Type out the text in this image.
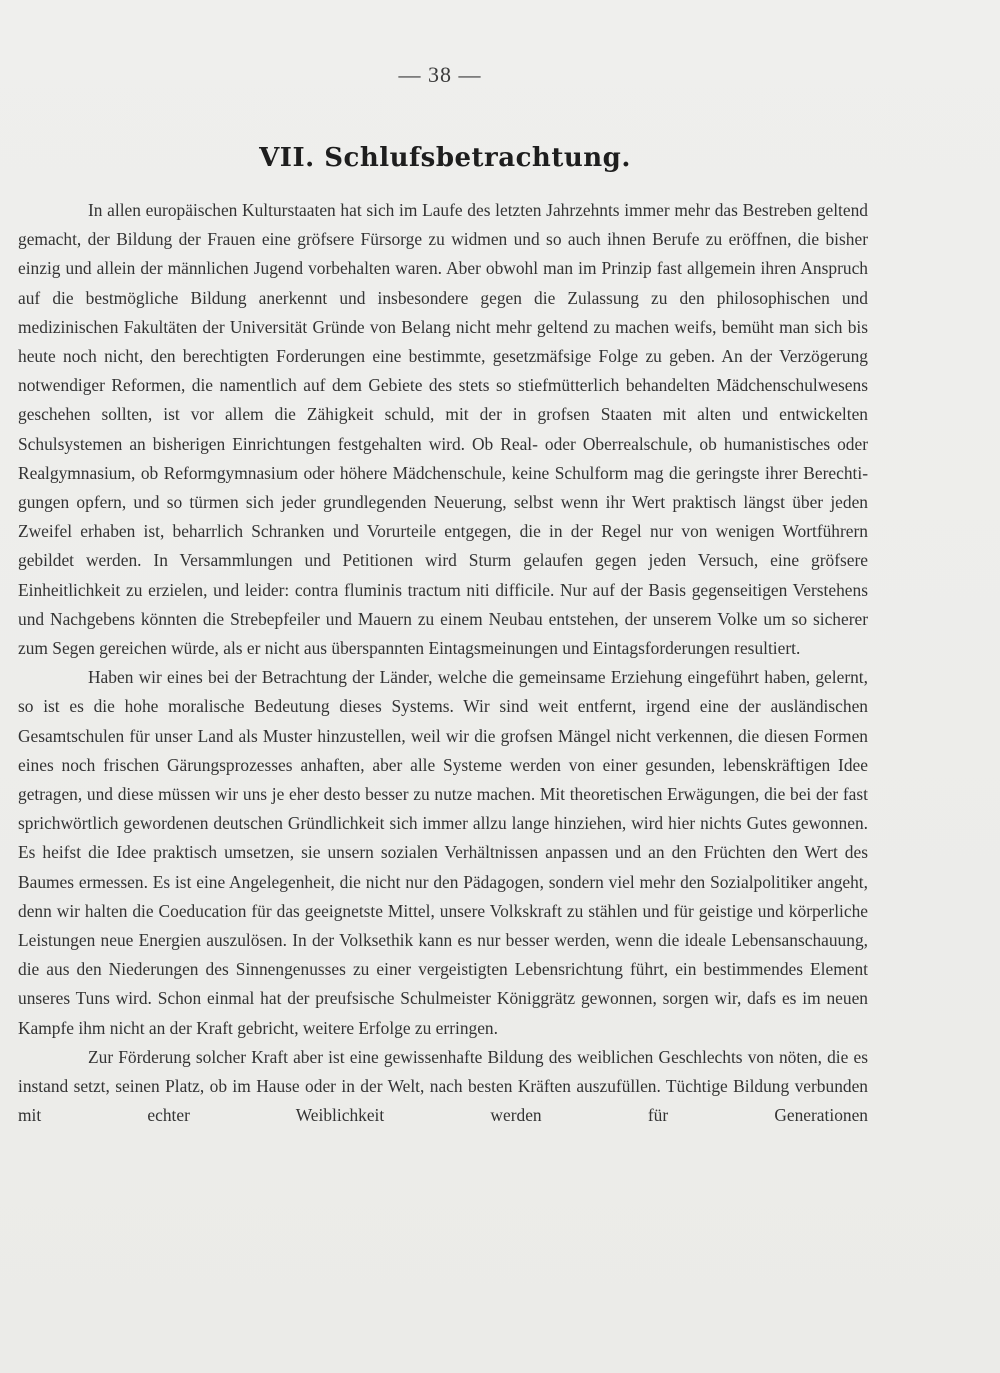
— 38 —
VII. Schlufsbetrachtung.

In allen europäischen Kulturstaaten hat sich im Laufe des letzten Jahrzehnts immer mehr das Bestreben geltend gemacht, der Bildung der Frauen eine gröfsere Fürsorge zu widmen und so auch ihnen Berufe zu eröffnen, die bisher einzig und allein der männlichen Jugend vorbehalten waren. Aber obwohl man im Prinzip fast allgemein ihren Anspruch auf die bestmögliche Bildung anerkennt und insbesondere gegen die Zulassung zu den philosophischen und medizinischen Fakultäten der Universität Gründe von Belang nicht mehr geltend zu machen weifs, bemüht man sich bis heute noch nicht, den berechtigten Forderungen eine bestimmte, gesetzmäfsige Folge zu geben. An der Verzögerung notwendiger Reformen, die namentlich auf dem Gebiete des stets so stiefmütterlich behandelten Mädchenschulwesens geschehen sollten, ist vor allem die Zähigkeit schuld, mit der in grofsen Staaten mit alten und entwickelten Schulsystemen an bisherigen Einrichtungen festgehalten wird. Ob Real- oder Oberrealschule, ob humanistisches oder Realgymnasium, ob Reformgymnasium oder höhere Mädchenschule, keine Schulform mag die geringste ihrer Berechtigungen opfern, und so türmen sich jeder grundlegenden Neuerung, selbst wenn ihr Wert praktisch längst über jeden Zweifel erhaben ist, beharrlich Schranken und Vorurteile entgegen, die in der Regel nur von wenigen Wortführern gebildet werden. In Versammlungen und Petitionen wird Sturm gelaufen gegen jeden Versuch, eine gröfsere Einheitlichkeit zu erzielen, und leider: contra fluminis tractum niti difficile. Nur auf der Basis gegenseitigen Verstehens und Nachgebens könnten die Strebepfeiler und Mauern zu einem Neubau entstehen, der unserem Volke um so sicherer zum Segen gereichen würde, als er nicht aus überspannten Eintagsmeinungen und Eintagsforderungen resultiert.

Haben wir eines bei der Betrachtung der Länder, welche die gemeinsame Erziehung eingeführt haben, gelernt, so ist es die hohe moralische Bedeutung dieses Systems. Wir sind weit entfernt, irgend eine der ausländischen Gesamtschulen für unser Land als Muster hinzustellen, weil wir die grofsen Mängel nicht verkennen, die diesen Formen eines noch frischen Gärungsprozesses anhaften, aber alle Systeme werden von einer gesunden, lebenskräftigen Idee getragen, und diese müssen wir uns je eher desto besser zu nutze machen. Mit theoretischen Erwägungen, die bei der fast sprichwörtlich gewordenen deutschen Gründlichkeit sich immer allzu lange hinziehen, wird hier nichts Gutes gewonnen. Es heifst die Idee praktisch umsetzen, sie unsern sozialen Verhältnissen anpassen und an den Früchten den Wert des Baumes ermessen. Es ist eine Angelegenheit, die nicht nur den Pädagogen, sondern viel mehr den Sozialpolitiker angeht, denn wir halten die Coeducation für das geeignetste Mittel, unsere Volkskraft zu stählen und für geistige und körperliche Leistungen neue Energien auszulösen. In der Volksethik kann es nur besser werden, wenn die ideale Lebensanschauung, die aus den Niederungen des Sinnengenusses zu einer vergeistigten Lebensrichtung führt, ein bestimmendes Element unseres Tuns wird. Schon einmal hat der preufsische Schulmeister Königgrätz gewonnen, sorgen wir, dafs es im neuen Kampfe ihm nicht an der Kraft gebricht, weitere Erfolge zu erringen.

Zur Förderung solcher Kraft aber ist eine gewissenhafte Bildung des weiblichen Geschlechts von nöten, die es instand setzt, seinen Platz, ob im Hause oder in der Welt, nach besten Kräften auszufüllen. Tüchtige Bildung verbunden mit echter Weiblichkeit werden für Generationen
